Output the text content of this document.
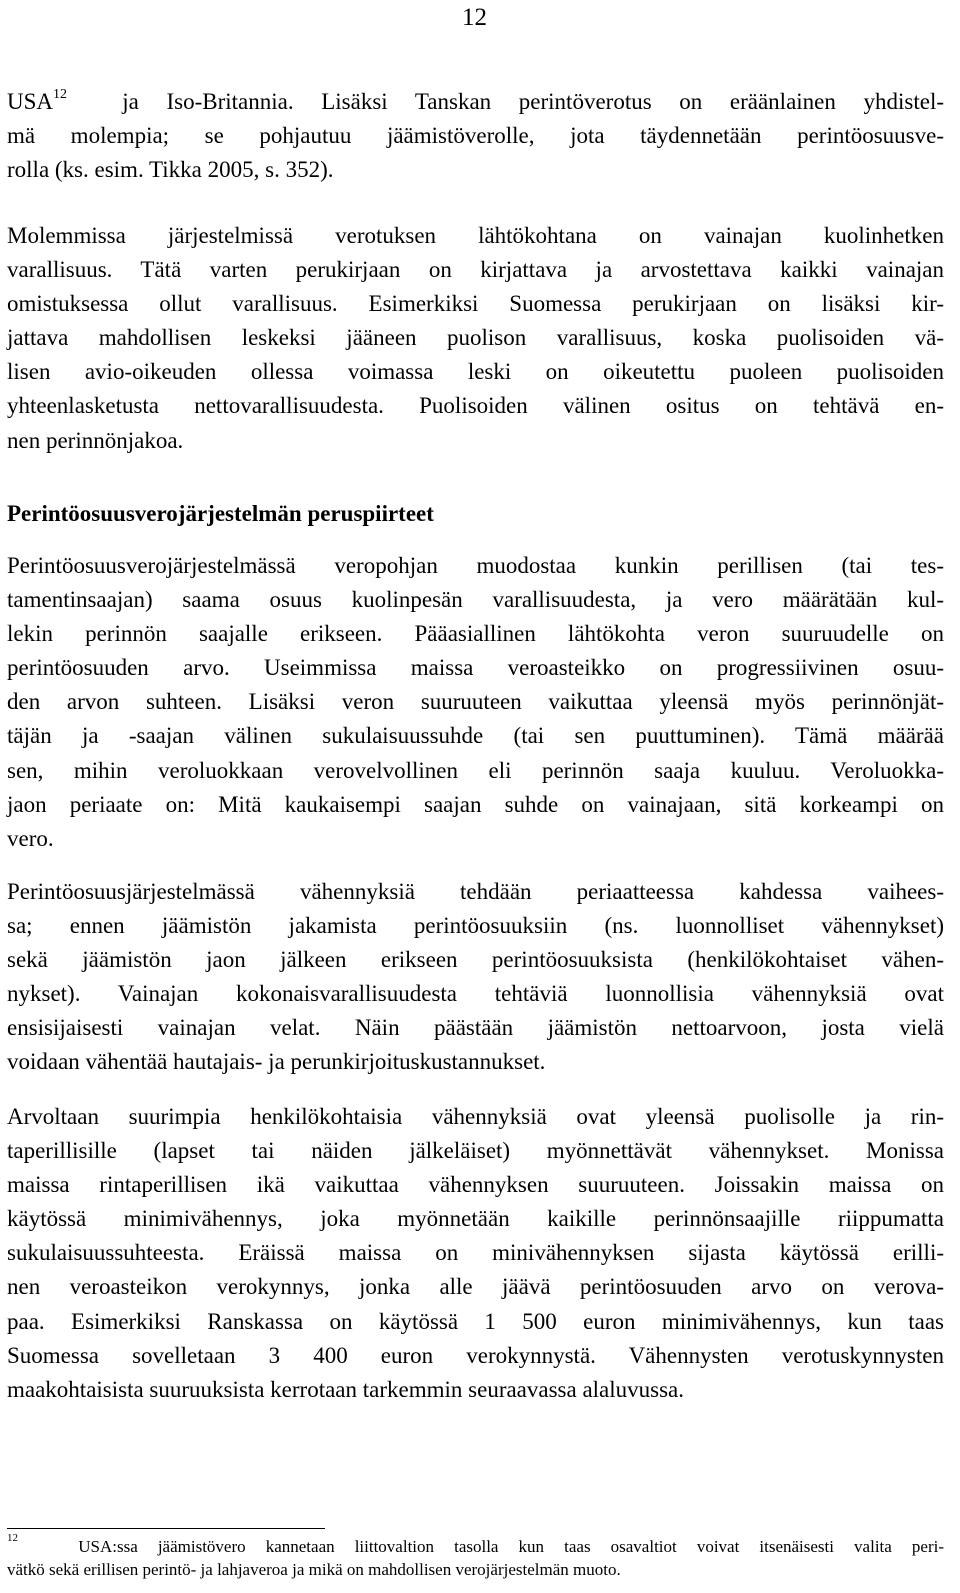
12
USA$^{12}$ ja Iso-Britannia. Lisäksi Tanskan perintöverotus on eräänlainen yhdistel-
mä molempia; se pohjautuu jäämistöverolle, jota täydennetään perintöosuusve-
rolla (ks. esim. Tikka 2005, s. 352).
Molemmissa järjestelmissä verotuksen lähtökohtana on vainajan kuolinhetken
varallisuus. Tätä varten perukirjaan on kirjattava ja arvostettava kaikki vainajan
omistuksessa ollut varallisuus. Esimerkiksi Suomessa perukirjaan on lisäksi kir-
jattava mahdollisen leskeksi jääneen puolison varallisuus, koska puolisoiden vä-
lisen avio-oikeuden ollessa voimassa leski on oikeutettu puoleen puolisoiden
yhteenlasketusta nettovarallisuudesta. Puolisoiden välinen ositus on tehtävä en-
nen perinnönjakoa.
Perintöosuusverojärjestelmän peruspiirteet
Perintöosuusverojärjestelmässä veropohjan muodostaa kunkin perillisen (tai tes-
tamentinsaajan) saama osuus kuolinpesän varallisuudesta, ja vero määrätään kul-
lekin perinnön saajalle erikseen. Pääasiallinen lähtökohta veron suuruudelle on
perintöosuuden arvo. Useimmissa maissa veroasteikko on progressiivinen osuu-
den arvon suhteen. Lisäksi veron suuruuteen vaikuttaa yleensä myös perinnönjät-
täjän ja -saajan välinen sukulaisuussuhde (tai sen puuttuminen). Tämä määrää
sen, mihin veroluokkaan verovelvollinen eli perinnön saaja kuuluu. Veroluokka-
jaon periaate on: Mitä kaukaisempi saajan suhde on vainajaan, sitä korkeampi on
vero.
Perintöosuusjärjestelmässä vähennyksiä tehdään periaatteessa kahdessa vaihees-
sa; ennen jäämistön jakamista perintöosuuksiin (ns. luonnolliset vähennykset)
sekä jäämistön jaon jälkeen erikseen perintöosuuksista (henkilökohtaiset vähen-
nykset). Vainajan kokonaisvarallisuudesta tehtäviä luonnollisia vähennyksiä ovat
ensisijaisesti vainajan velat. Näin päästään jäämistön nettoarvoon, josta vielä
voidaan vähentää hautajais- ja perunkirjoituskustannukset.
Arvoltaan suurimpia henkilökohtaisia vähennyksiä ovat yleensä puolisolle ja rin-
taperillisille (lapset tai näiden jälkeläiset) myönnettävät vähennykset. Monissa
maissa rintaperillisen ikä vaikuttaa vähennyksen suuruuteen. Joissakin maissa on
käytössä minimivähennys, joka myönnetään kaikille perinnönsaajille riippumatta
sukulaisuussuhteesta. Eräissä maissa on minivähennyksen sijasta käytössä erilli-
nen veroasteikon verokynnys, jonka alle jäävä perintöosuuden arvo on verova-
paa. Esimerkiksi Ranskassa on käytössä 1 500 euron minimivähennys, kun taas
Suomessa sovelletaan 3 400 euron verokynnystä. Vähennysten verotuskynnysten
maakohtaisista suuruuksista kerrotaan tarkemmin seuraavassa alaluvussa.
$^{12}$	USA:ssa jäämistövero kannetaan liittovaltion tasolla kun taas osavaltiot voivat itsenäisesti valita peri-
vätkö sekä erillisen perintö- ja lahjaveroa ja mikä on mahdollisen verojärjestelmän muoto.
